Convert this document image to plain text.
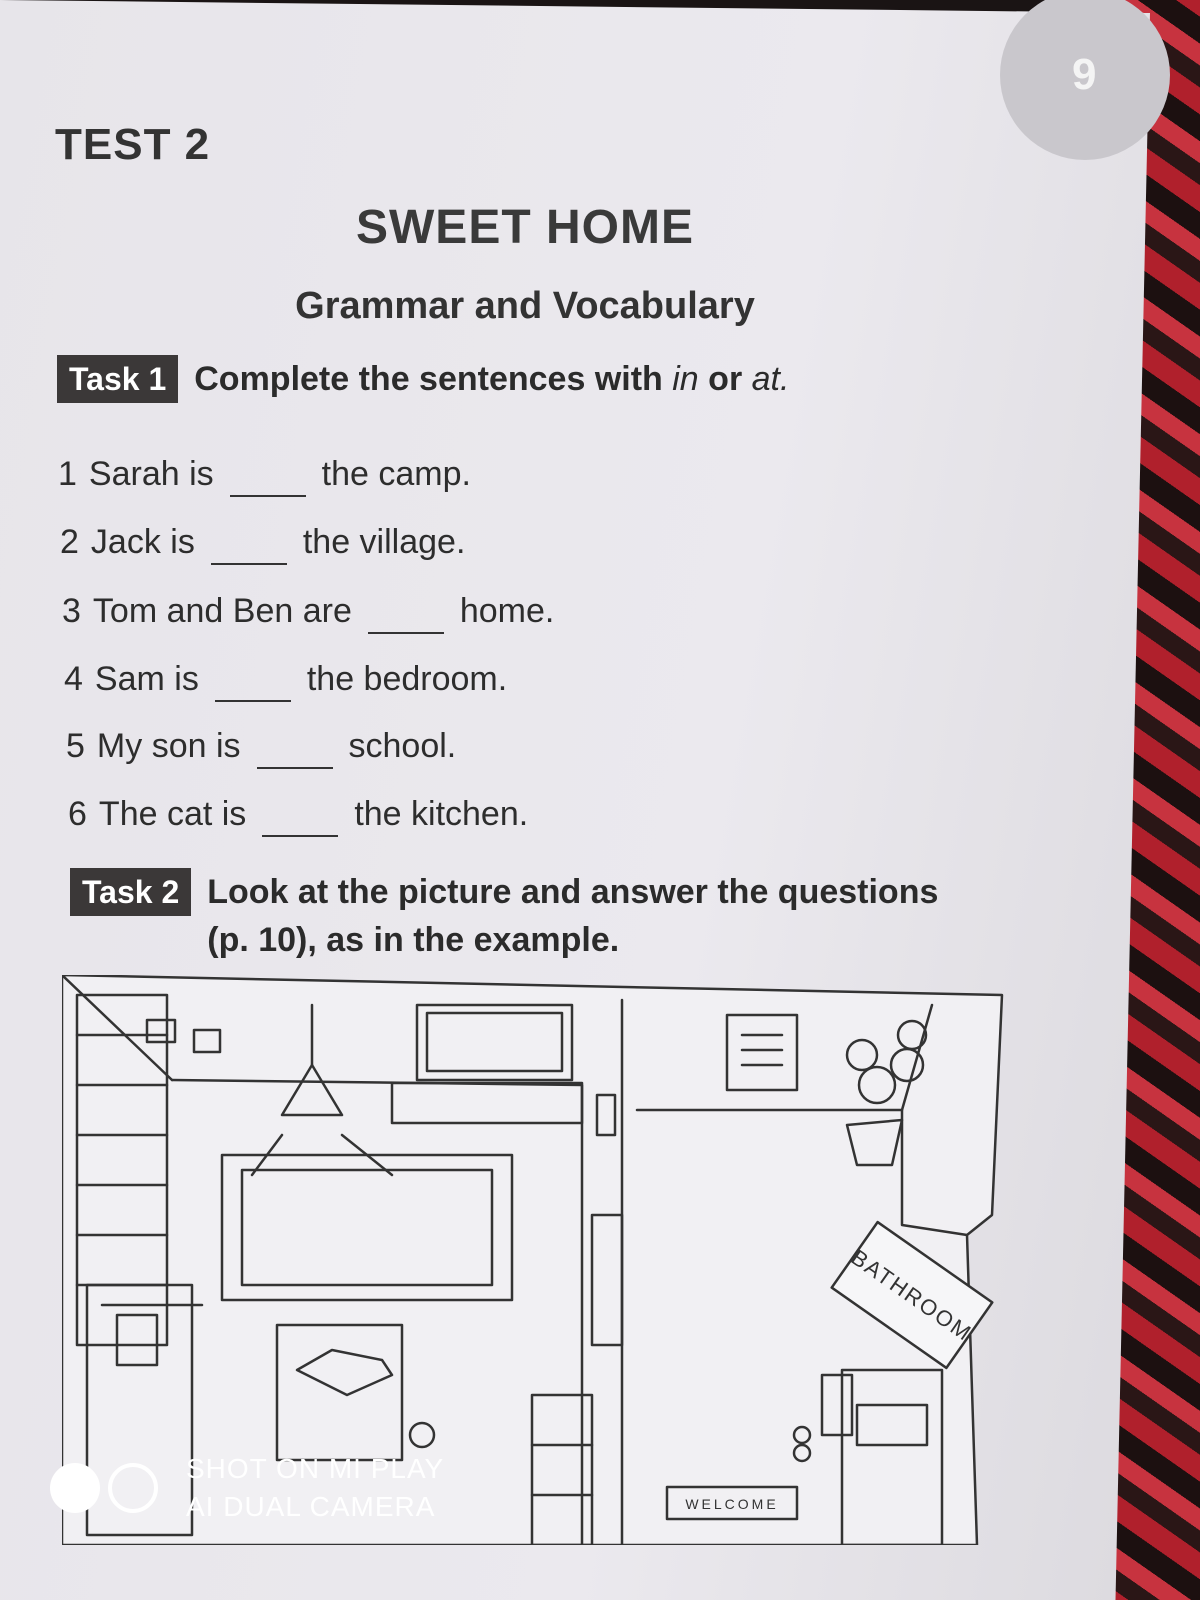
9
TEST 2
SWEET HOME
Grammar and Vocabulary
Task 1 Complete the sentences with in or at.
1 Sarah is	the camp.
2 Jack is	the village.
3 Tom and Ben are	home.
4 Sam is	the bedroom.
5 My son is	school.
6 The cat is	the kitchen.
Task 2 Look at the picture and answer the questions
(p. 10), as in the example.
BATHROOM
WELCOME
SHOT ON MI PLAY
AI DUAL CAMERA
